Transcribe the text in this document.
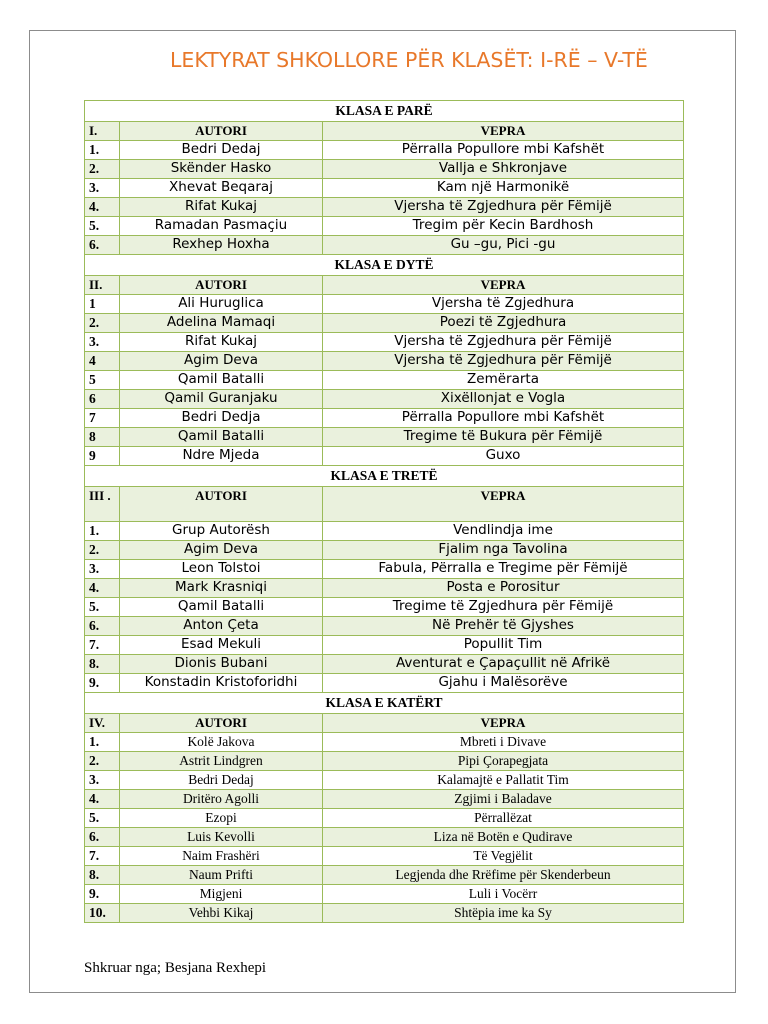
LEKTYRAT SHKOLLORE PËR KLASËT: I-RË – V-TË
KLASA E PARË		
I.	AUTORI	VEPRA
1.	Bedri Dedaj	Përralla Popullore mbi Kafshët
2.	Skënder Hasko	Vallja e Shkronjave
3.	Xhevat Beqaraj	Kam një Harmonikë
4.	Rifat Kukaj	Vjersha të Zgjedhura për Fëmijë
5.	Ramadan Pasmaçiu	Tregim për Kecin Bardhosh
6.	Rexhep Hoxha	Gu –gu, Pici -gu
KLASA E DYTË		
II.	AUTORI	VEPRA
1	Ali Huruglica	Vjersha të Zgjedhura
2.	Adelina Mamaqi	Poezi të Zgjedhura
3.	Rifat Kukaj	Vjersha të Zgjedhura për Fëmijë
4	Agim Deva	Vjersha të Zgjedhura për Fëmijë
5	Qamil Batalli	Zemërarta
6	Qamil Guranjaku	Xixëllonjat e Vogla
7	Bedri Dedja	Përralla Popullore mbi Kafshët
8	Qamil Batalli	Tregime të Bukura për Fëmijë
9	Ndre Mjeda	Guxo
KLASA E TRETË		
III .	AUTORI	VEPRA
1.	Grup Autorësh	Vendlindja ime
2.	Agim Deva	Fjalim nga Tavolina
3.	Leon Tolstoi	Fabula, Përralla e Tregime për Fëmijë
4.	Mark Krasniqi	Posta e Porositur
5.	Qamil Batalli	Tregime të Zgjedhura për Fëmijë
6.	Anton Çeta	Në Prehër të Gjyshes
7.	Esad Mekuli	Popullit Tim
8.	Dionis Bubani	Aventurat e Çapaçullit në Afrikë
9.	Konstadin Kristoforidhi	Gjahu i Malësorëve
KLASA E KATËRT		
IV.	AUTORI	VEPRA
1.	Kolë Jakova	Mbreti i Divave
2.	Astrit Lindgren	Pipi Çorapegjata
3.	Bedri Dedaj	Kalamajtë e Pallatit Tim
4.	Dritëro Agolli	Zgjimi i Baladave
5.	Ezopi	Përrallëzat
6.	Luis Kevolli	Liza në Botën e Qudirave
7.	Naim Frashëri	Të Vegjëlit
8.	Naum Prifti	Legjenda dhe Rrëfime për Skenderbeun
9.	Migjeni	Luli i Vocërr
10.	Vehbi Kikaj	Shtëpia ime ka Sy

Shkruar nga; Besjana Rexhepi
